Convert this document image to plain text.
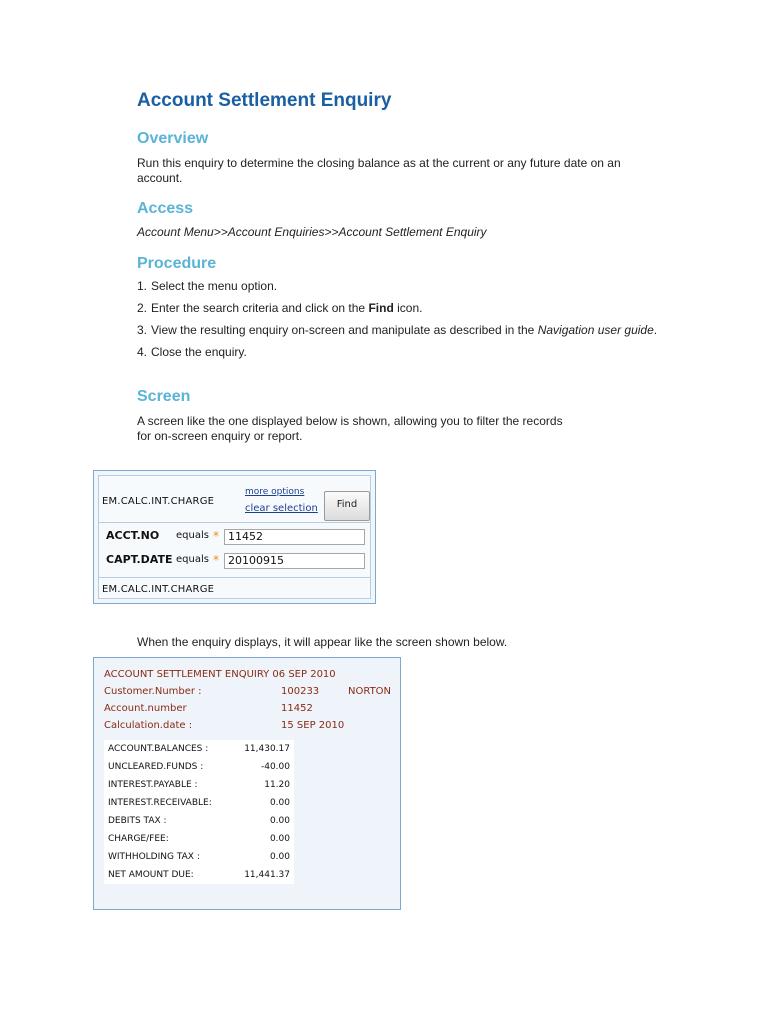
Account Settlement Enquiry
Overview
Run this enquiry to determine the closing balance as at the current or any future date on an
account.
Access
Account Menu>>Account Enquiries>>Account Settlement Enquiry
Procedure
1. Select the menu option.
2. Enter the search criteria and click on the Find icon.
3. View the resulting enquiry on-screen and manipulate as described in the Navigation user guide.
4. Close the enquiry.
Screen
A screen like the one displayed below is shown, allowing you to filter the records
for on-screen enquiry or report.
When the enquiry displays, it will appear like the screen shown below.
EM.CALC.INT.CHARGE
more options
clear selection	Find
ACCT.NO equals * 11452
CAPT.DATE equals * 20100915
EM.CALC.INT.CHARGE
ACCOUNT SETTLEMENT ENQUIRY 06 SEP 2010
Customer.Number :	100233	NORTON
Account.number	11452
Calculation.date :	15 SEP 2010
ACCOUNT.BALANCES :	11,430.17
UNCLEARED.FUNDS :	-40.00
INTEREST.PAYABLE :	11.20
INTEREST.RECEIVABLE:	0.00
DEBITS TAX :	0.00
CHARGE/FEE:	0.00
WITHHOLDING TAX :	0.00
NET AMOUNT DUE:	11,441.37
